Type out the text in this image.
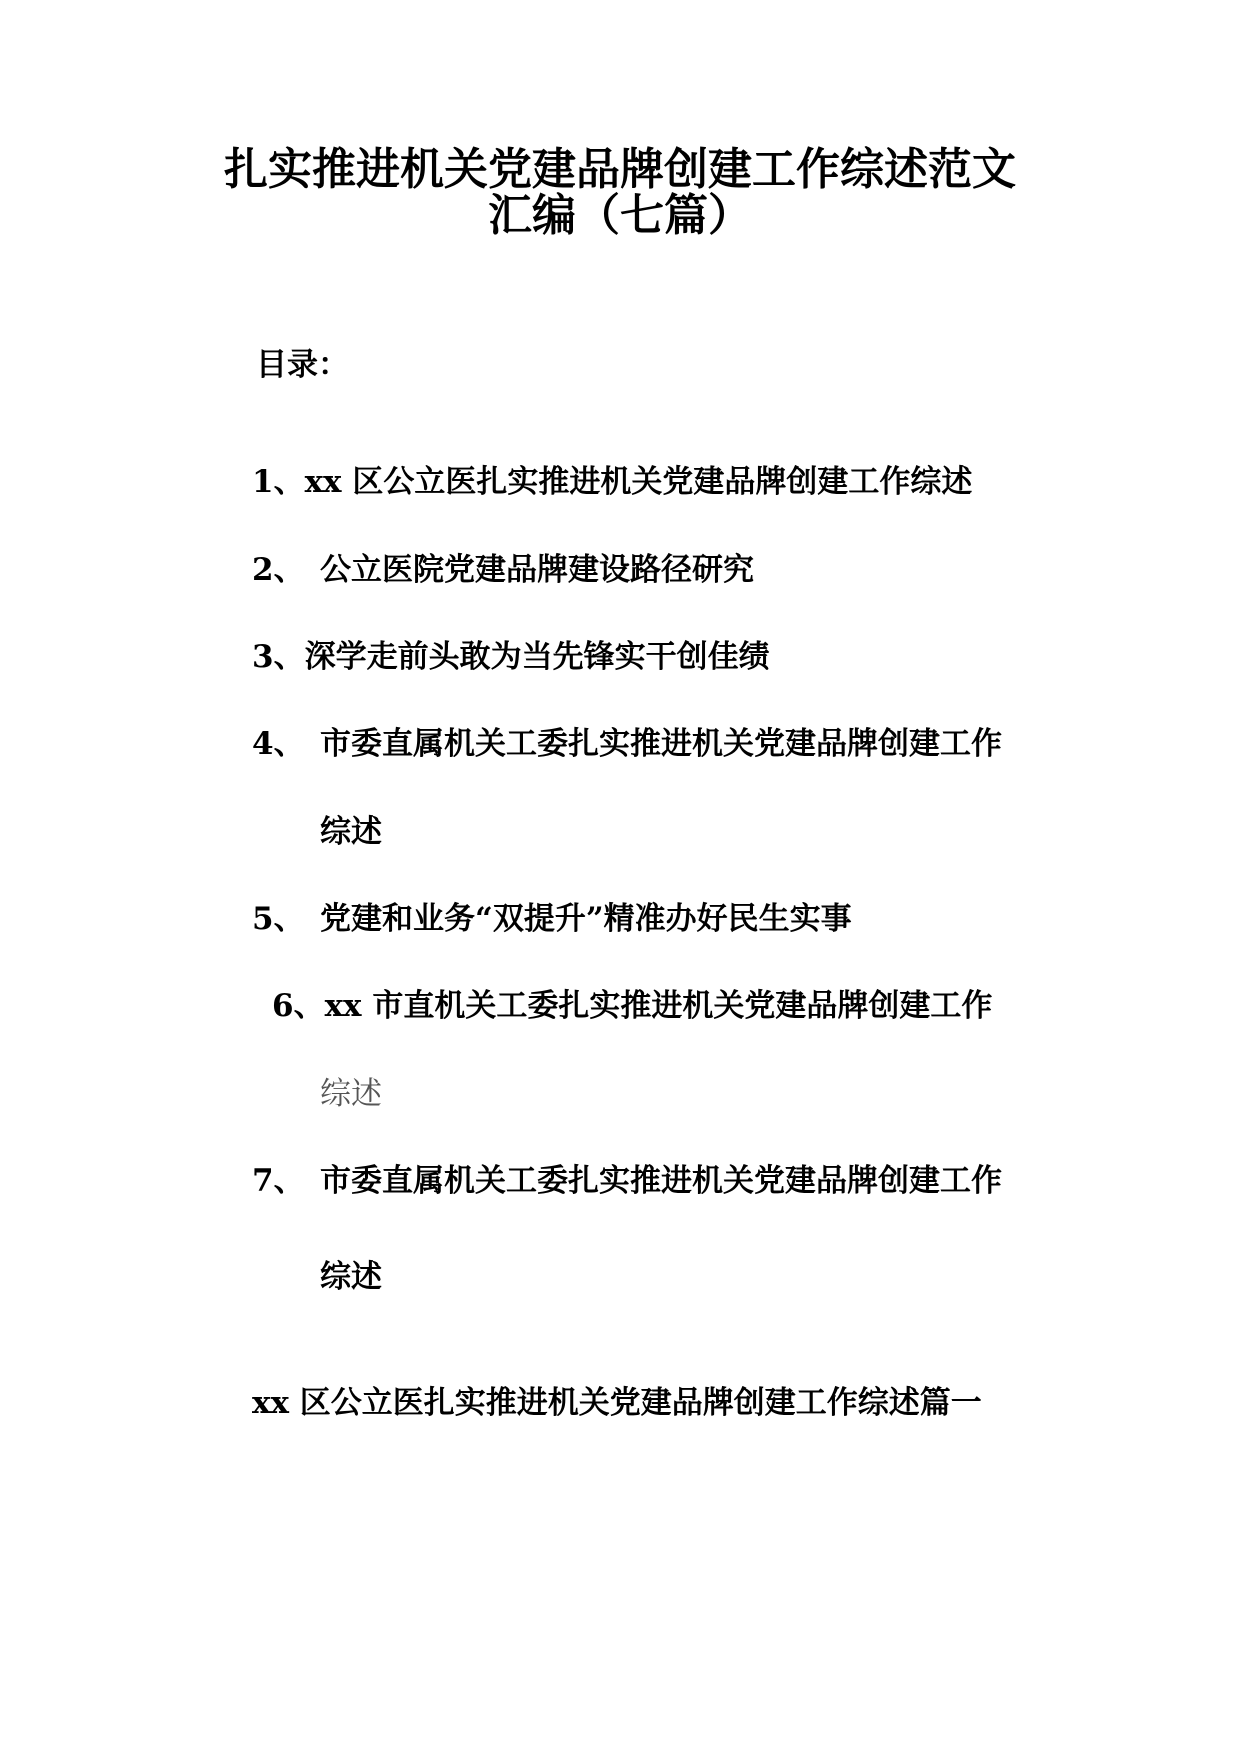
扎实推进机关党建品牌创建工作综述范文
汇编（七篇）
目录：
1、xx 区公立医扎实推进机关党建品牌创建工作综述
2、 公立医院党建品牌建设路径研究
3、深学走前头敢为当先锋实干创佳绩
4、 市委直属机关工委扎实推进机关党建品牌创建工作
综述
5、 党建和业务“双提升”精准办好民生实事
6、xx 市直机关工委扎实推进机关党建品牌创建工作
综述
7、 市委直属机关工委扎实推进机关党建品牌创建工作
综述
xx 区公立医扎实推进机关党建品牌创建工作综述篇一
